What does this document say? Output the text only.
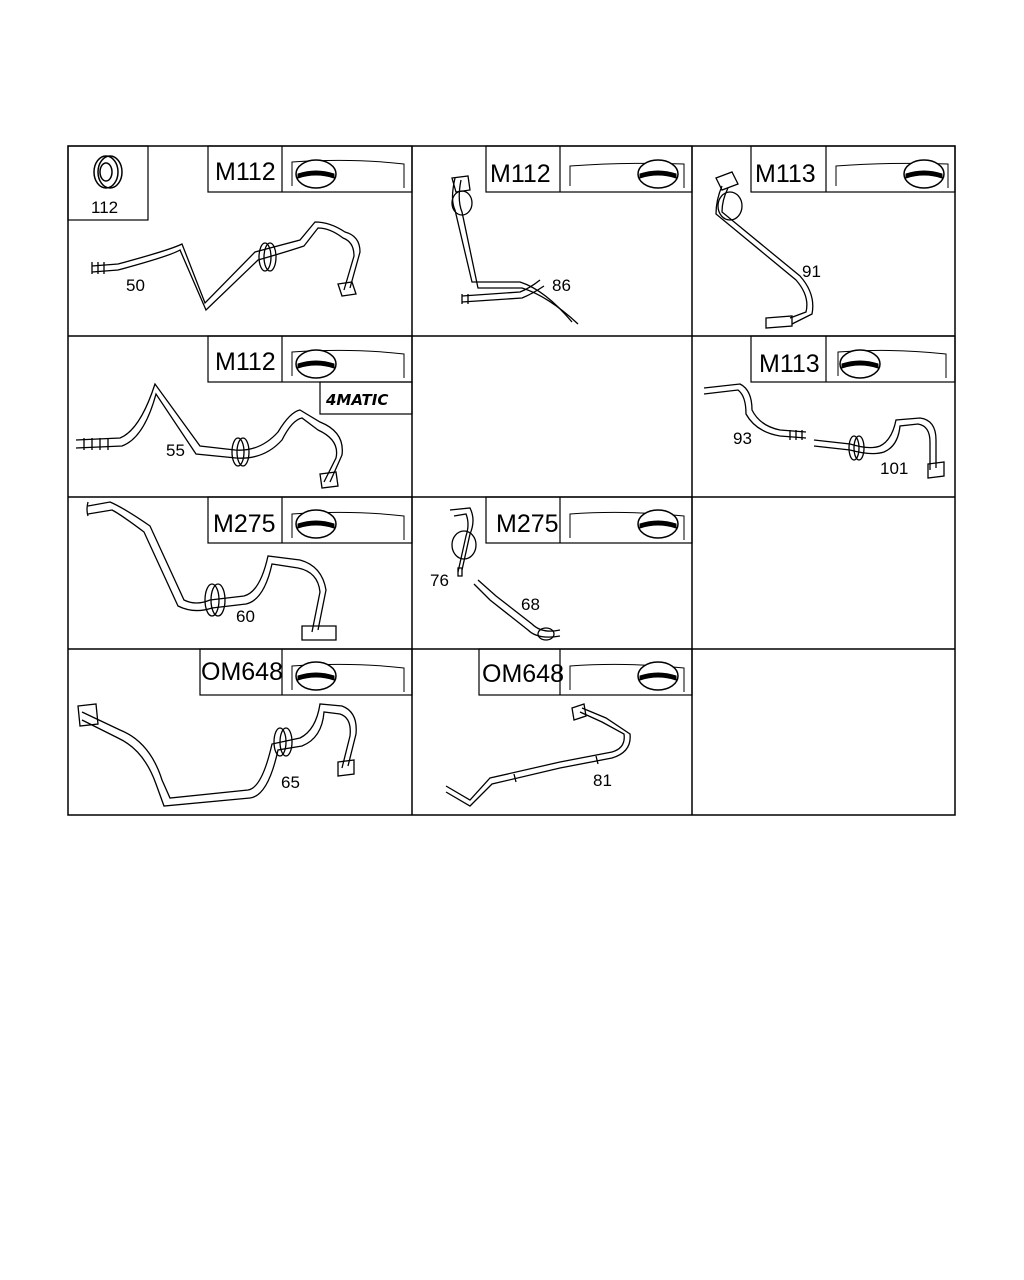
112
M112
50
M112
86
M113
91
M112
4MATIC
55
M113
93
101
M275
60
M275
76
68
OM648
65
OM648
81
